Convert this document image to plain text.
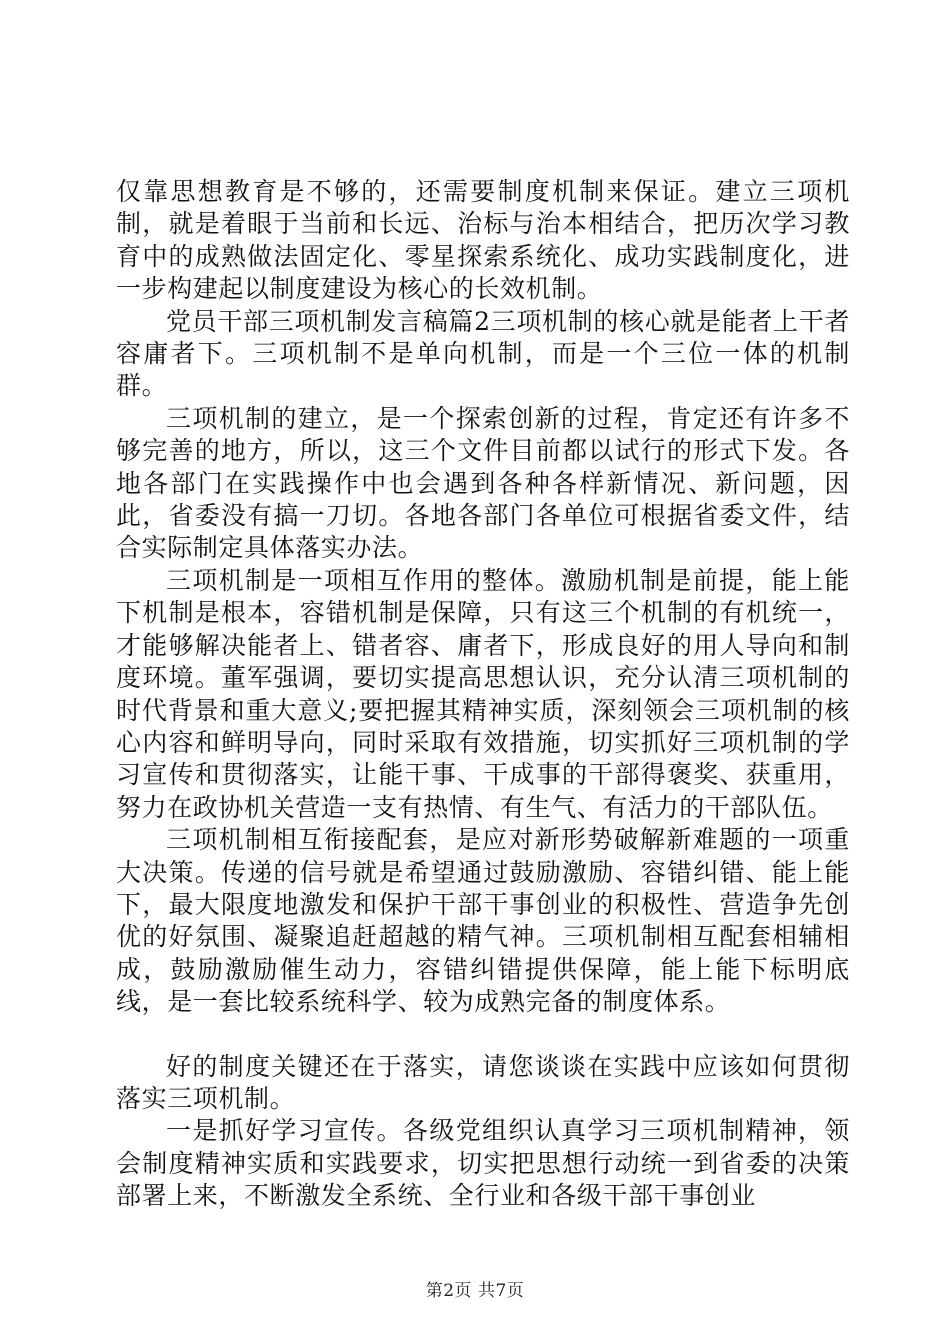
仅靠思想教育是不够的，还需要制度机制来保证。建立三项机制，就是着眼于当前和长远、治标与治本相结合，把历次学习教育中的成熟做法固定化、零星探索系统化、成功实践制度化，进一步构建起以制度建设为核心的长效机制。

党员干部三项机制发言稿篇2三项机制的核心就是能者上干者容庸者下。三项机制不是单向机制，而是一个三位一体的机制群。

三项机制的建立，是一个探索创新的过程，肯定还有许多不够完善的地方，所以，这三个文件目前都以试行的形式下发。各地各部门在实践操作中也会遇到各种各样新情况、新问题，因此，省委没有搞一刀切。各地各部门各单位可根据省委文件，结合实际制定具体落实办法。

三项机制是一项相互作用的整体。激励机制是前提，能上能下机制是根本，容错机制是保障，只有这三个机制的有机统一，才能够解决能者上、错者容、庸者下，形成良好的用人导向和制度环境。董军强调，要切实提高思想认识，充分认清三项机制的时代背景和重大意义;要把握其精神实质，深刻领会三项机制的核心内容和鲜明导向，同时采取有效措施，切实抓好三项机制的学习宣传和贯彻落实，让能干事、干成事的干部得褒奖、获重用，努力在政协机关营造一支有热情、有生气、有活力的干部队伍。

三项机制相互衔接配套，是应对新形势破解新难题的一项重大决策。传递的信号就是希望通过鼓励激励、容错纠错、能上能下，最大限度地激发和保护干部干事创业的积极性、营造争先创优的好氛围、凝聚追赶超越的精气神。三项机制相互配套相辅相成，鼓励激励催生动力，容错纠错提供保障，能上能下标明底线，是一套比较系统科学、较为成熟完备的制度体系。

好的制度关键还在于落实，请您谈谈在实践中应该如何贯彻落实三项机制。

一是抓好学习宣传。各级党组织认真学习三项机制精神，领会制度精神实质和实践要求，切实把思想行动统一到省委的决策部署上来，不断激发全系统、全行业和各级干部干事创业

第2页 共7页
